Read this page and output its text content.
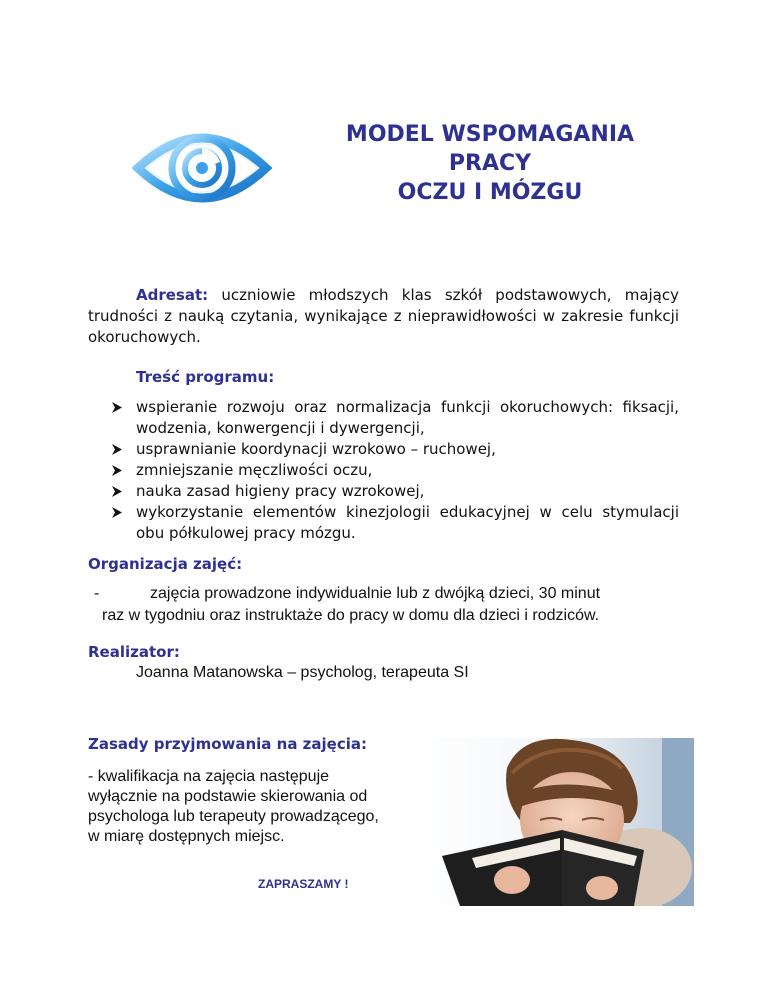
MODEL WSPOMAGANIA
PRACY
OCZU I MÓZGU
Adresat: uczniowie młodszych klas szkół podstawowych, mający trudności z nauką czytania, wynikające z nieprawidłowości w zakresie funkcji okoruchowych.
Treść programu:
wspieranie rozwoju oraz normalizacja funkcji okoruchowych: fiksacji, wodzenia, konwergencji i dywergencji,
usprawnianie koordynacji wzrokowo – ruchowej,
zmniejszanie męczliwości oczu,
nauka zasad higieny pracy wzrokowej,
wykorzystanie elementów kinezjologii edukacyjnej w celu stymulacji obu półkulowej pracy mózgu.
Organizacja zajęć:
-	zajęcia prowadzone indywidualnie lub z dwójką dzieci, 30 minut
raz w tygodniu oraz instruktaże do pracy w domu dla dzieci i rodziców.
Realizator:
Joanna Matanowska – psycholog, terapeuta SI
Zasady przyjmowania na zajęcia:
- kwalifikacja na zajęcia następuje wyłącznie na podstawie skierowania od psychologa lub terapeuty prowadzącego, w miarę dostępnych miejsc.
ZAPRASZAMY !
